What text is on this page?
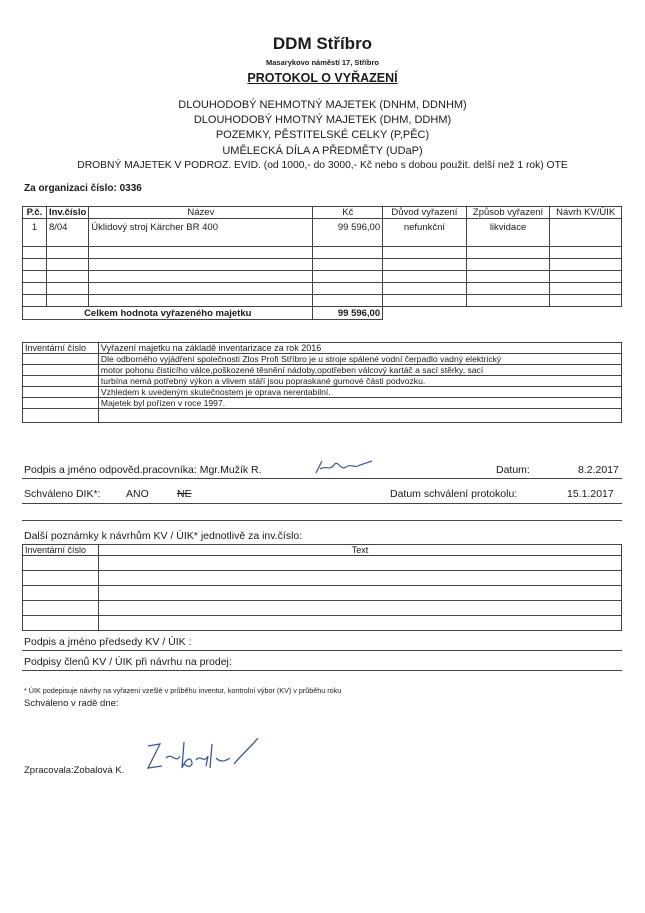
DDM Stříbro
Masarykovo náměstí 17, Stříbro
PROTOKOL O VYŘAZENÍ
DLOUHODOBÝ NEHMOTNÝ MAJETEK (DNHM, DDNHM)
DLOUHODOBÝ HMOTNÝ MAJETEK (DHM, DDHM)
POZEMKY, PĚSTITELSKÉ CELKY (P,PĚC)
UMĚLECKÁ DÍLA A PŘEDMĚTY (UDaP)
DROBNÝ MAJETEK V PODROZ. EVID. (od 1000,- do 3000,- Kč nebo s dobou použit. delší než 1 rok) OTE
Za organizaci číslo: 0336
P.č.	Inv.číslo	Název	Kč	Důvod vyřazení	Způsob vyřazení	Návrh KV/ÚIK
1	8/04	Úklidový stroj Kärcher BR 400	99 596,00	nefunkční	likvidace	

Celkem hodnota vyřazeného majetku			99 596,00			
Inventární číslo	Vyřazení majetku na základě inventarizace za rok 2016
	Dle odborného vyjádření společnosti Zlos Profi Stříbro je u stroje spálené vodní čerpadlo vadný elektrický
	motor pohonu čistícího válce,poškozené těsnění nádoby,opotřeben válcový kartáč a sací stěrky, sací
	turbína nemá potřebný výkon a vlivem stáří jsou popraskané gumové části podvozku.
	Vzhledem k uvedeným skutečnostem je oprava nerentabilní.
	Majetek byl pořízen v roce 1997.

Podpis a jméno odpověd.pracovníka: Mgr.Mužík R.	Datum:	8.2.2017
Schváleno DIK*: ANO	NE	Datum schválení protokolu:	15.1.2017
Další poznámky k návrhům KV / ÚIK* jednotlivě za inv.číslo:
Inventární číslo	Text

Podpis a jméno předsedy KV / ÚIK :
Podpisy členů KV / ÚIK při návrhu na prodej:
* ÚIK podepisuje návrhy na vyřazení vzešlé v průběhu inventur, kontrolní výbor (KV) v průběhu roku
Schváleno v radě dne:
Zpracovala:Zobalová K.
